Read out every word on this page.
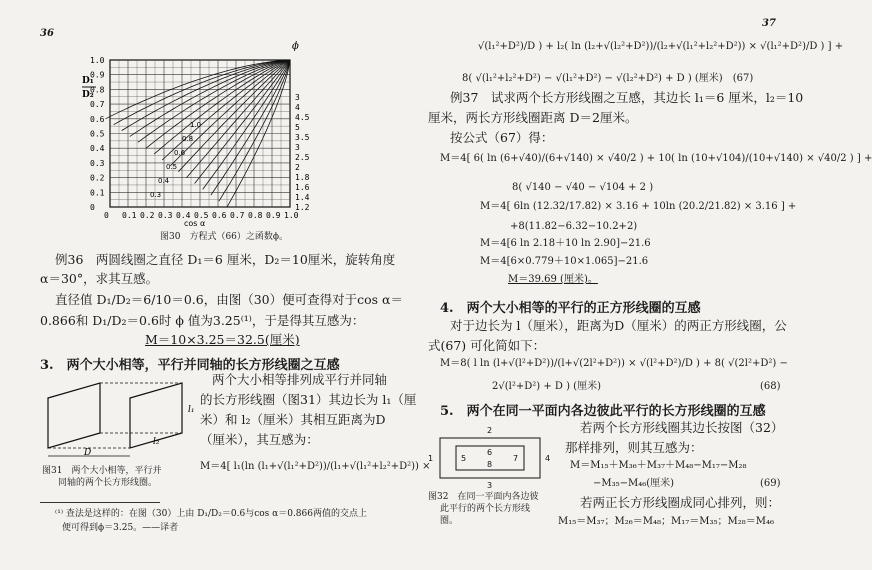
36
D₁
D₂
1.0
0.9
0.8
0.7
0.6
0.5
0.4
0.3
0.2
0.1
0
0 0.1 0.2 0.3 0.4 0.5 0.6 0.7 0.8 0.9 1.0
3
4
4.5
5
3.5
3
2.5
2
1.8
1.6
1.4
1.2
0.3
0.4
0.5
0.6
0.8
1.0
ϕ
cos α
图30　方程式（66）之函数ϕ。
例36　两圆线圈之直径 D₁＝6 厘米，D₂＝10厘米，旋转角度
α＝30°，求其互感。
直径值 D₁/D₂＝6/10＝0.6，由图（30）便可查得对于cos α＝
0.866和 D₁/D₂＝0.6时 ϕ 值为3.25⁽¹⁾，于是得其互感为：
M＝10×3.25＝32.5(厘米)
3.　两个大小相等，平行并同轴的长方形线圈之互感
D
l₁
l₂
图31　两个大小相等，平行并
同轴的两个长方形线圈。
两个大小相等排列成平行并同轴
的长方形线圈（图31）其边长为 l₁（厘
米）和 l₂（厘米）其相互距离为D
（厘米），其互感为：
M＝4[ l₁(ln (l₁+√(l₁²+D²))/(l₁+√(l₁²+l₂²+D²)) ×
⁽¹⁾ 查法是这样的：在图（30）上由 D₁/D₂＝0.6与cos α＝0.866两值的交点上
便可得到ϕ＝3.25。——译者
37
√(l₁²+D²)/D ) + l₂( ln (l₂+√(l₂²+D²))/(l₂+√(l₁²+l₂²+D²)) × √(l₁²+D²)/D ) ] +
8( √(l₁²+l₂²+D²) − √(l₁²+D²) − √(l₂²+D²) + D ) (厘米)　(67)
例37　试求两个长方形线圈之互感，其边长 l₁＝6 厘米，l₂＝10
厘米，两长方形线圈距离 D＝2厘米。
按公式（67）得：
M＝4[ 6( ln (6+√40)/(6+√140) × √40/2 ) + 10( ln (10+√104)/(10+√140) × √40/2 ) ] +
8( √140 − √40 − √104 + 2 )
M＝4[ 6ln (12.32/17.82) × 3.16 + 10ln (20.2/21.82) × 3.16 ] +
+8(11.82−6.32−10.2+2)
M＝4[6 ln 2.18＋10 ln 2.90]−21.6
M＝4[6×0.779＋10×1.065]−21.6
M＝39.69 (厘米)。
4.　两个大小相等的平行的正方形线圈的互感
对于边长为 l（厘米），距离为D（厘米）的两正方形线圈，公
式(67) 可化简如下：
M＝8( l ln (l+√(l²+D²))/(l+√(2l²+D²)) × √(l²+D²)/D ) + 8( √(2l²+D²) −
2√(l²+D²) + D ) (厘米)	(68)
5.　两个在同一平面内各边彼此平行的长方形线圈的互感
2
1
3
4
5
6
8
7
图32　在同一平面内各边彼
此平行的两个长方形线
圈。
若两个长方形线圈其边长按图（32）
那样排列，则其互感为：
M＝M₁₅＋M₃₆＋M₃₇＋M₄₈−M₁₇−M₂₈
−M₃₅−M₄₆(厘米)	(69)
若两正长方形线圈成同心排列，则：
M₁₅＝M₃₇；M₂₆＝M₄₈；M₁₇＝M₃₅；M₂₈＝M₄₆
